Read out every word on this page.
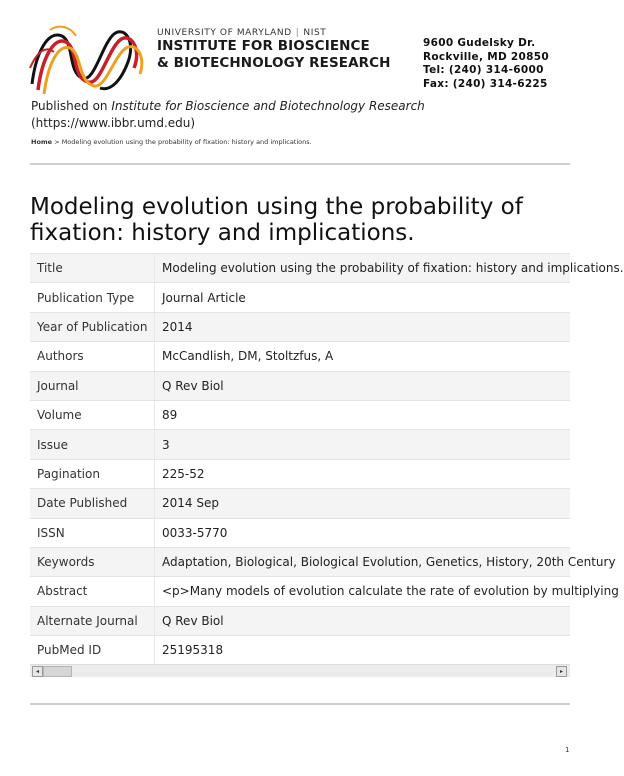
UNIVERSITY OF MARYLAND | NIST
INSTITUTE FOR BIOSCIENCE
& BIOTECHNOLOGY RESEARCH
9600 Gudelsky Dr.
Rockville, MD 20850
Tel: (240) 314-6000
Fax: (240) 314-6225
Published on Institute for Bioscience and Biotechnology Research
(https://www.ibbr.umd.edu)
Home > Modeling evolution using the probability of fixation: history and implications.
Modeling evolution using the probability of fixation: history and implications.
Title	Modeling evolution using the probability of fixation: history and implications.
Publication Type	Journal Article
Year of Publication	2014
Authors	McCandlish, DM, Stoltzfus, A
Journal	Q Rev Biol
Volume	89
Issue	3
Pagination	225-52
Date Published	2014 Sep
ISSN	0033-5770
Keywords	Adaptation, Biological, Biological Evolution, Genetics, History, 20th Century
Abstract	<p>Many models of evolution calculate the rate of evolution by multiplying
Alternate Journal	Q Rev Biol
PubMed ID	25195318
◂	▸
1
